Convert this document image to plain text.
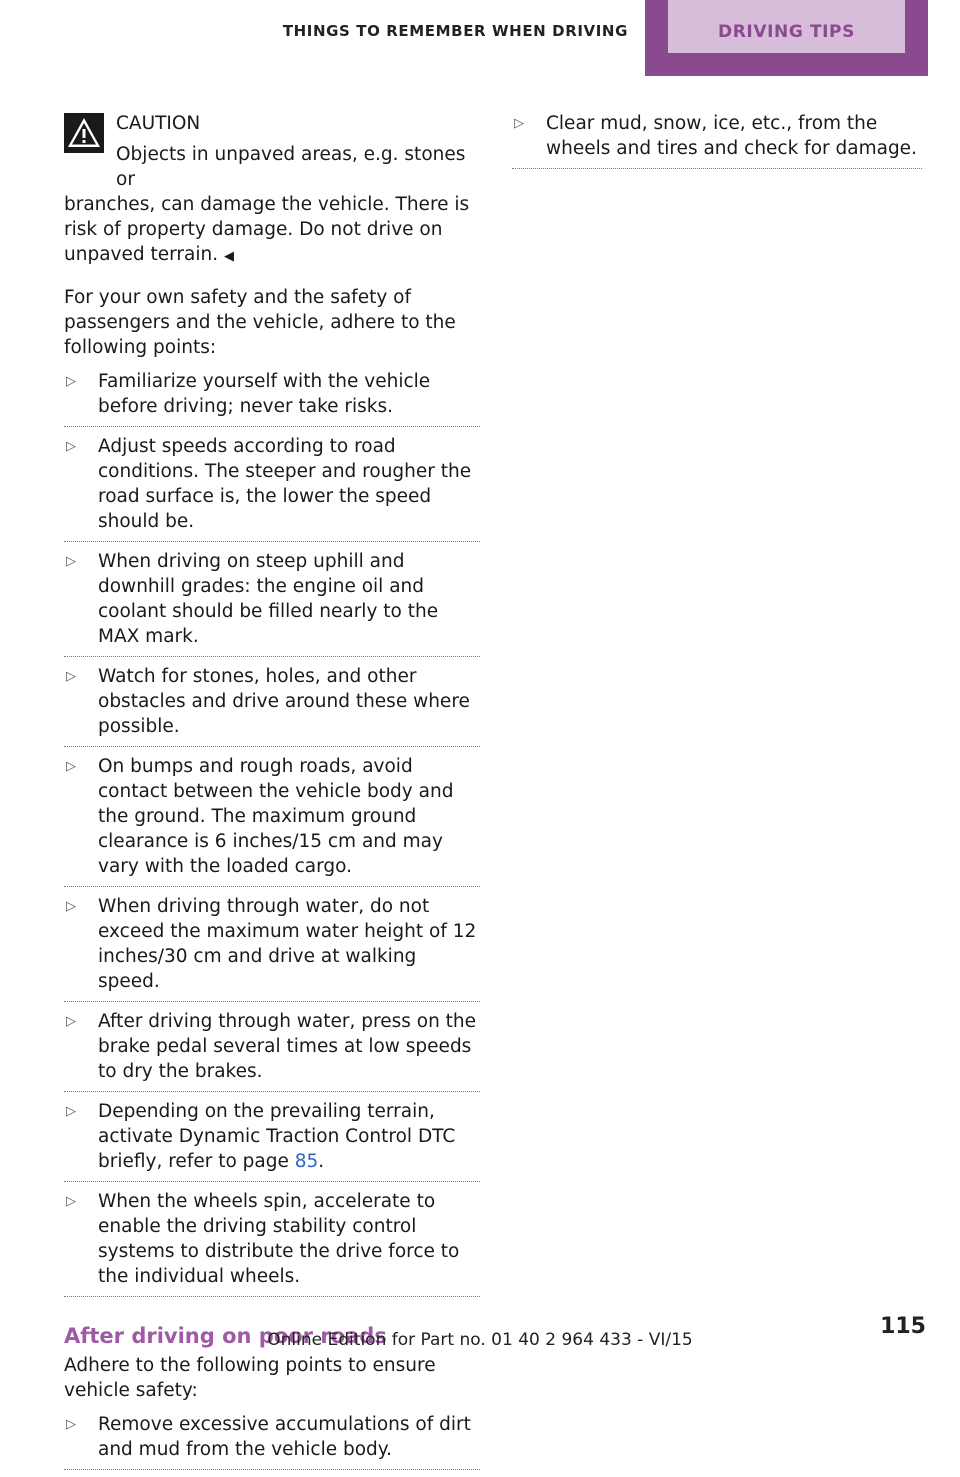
THINGS TO REMEMBER WHEN DRIVING	DRIVING TIPS

CAUTION

Objects in unpaved areas, e.g. stones or

branches, can damage the vehicle. There is risk of property damage. Do not drive on unpaved terrain. ◀

For your own safety and the safety of passengers and the vehicle, adhere to the following points:

▷ Familiarize yourself with the vehicle before driving; never take risks.
▷ Adjust speeds according to road conditions. The steeper and rougher the road surface is, the lower the speed should be.
▷ When driving on steep uphill and downhill grades: the engine oil and coolant should be filled nearly to the MAX mark.
▷ Watch for stones, holes, and other obstacles and drive around these where possible.
▷ On bumps and rough roads, avoid contact between the vehicle body and the ground. The maximum ground clearance is 6 inches/15 cm and may vary with the loaded cargo.
▷ When driving through water, do not exceed the maximum water height of 12 inches/30 cm and drive at walking speed.
▷ After driving through water, press on the brake pedal several times at low speeds to dry the brakes.
▷ Depending on the prevailing terrain, activate Dynamic Traction Control DTC briefly, refer to page 85.
▷ When the wheels spin, accelerate to enable the driving stability control systems to distribute the drive force to the individual wheels.
After driving on poor roads

Adhere to the following points to ensure vehicle safety:

▷ Remove excessive accumulations of dirt and mud from the vehicle body.
▷ Clear mud, snow, ice, etc., from the wheels and tires and check for damage.
115
Online Edition for Part no. 01 40 2 964 433 - VI/15
